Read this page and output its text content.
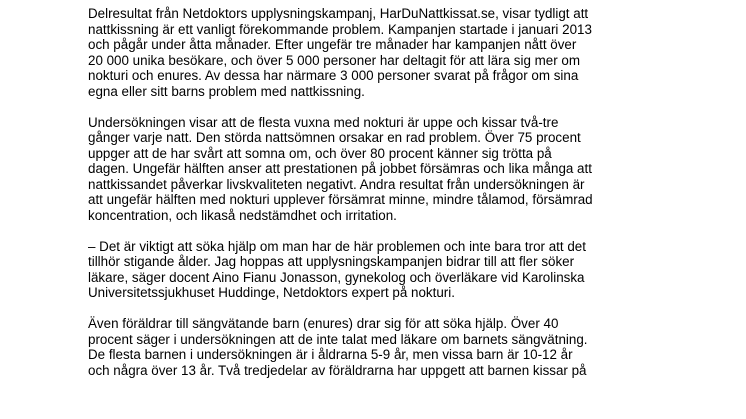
Delresultat från Netdoktors upplysningskampanj, HarDuNattkissat.se, visar tydligt att
nattkissning är ett vanligt förekommande problem. Kampanjen startade i januari 2013
och pågår under åtta månader. Efter ungefär tre månader har kampanjen nått över
20 000 unika besökare, och över 5 000 personer har deltagit för att lära sig mer om
nokturi och enures. Av dessa har närmare 3 000 personer svarat på frågor om sina
egna eller sitt barns problem med nattkissning.
Undersökningen visar att de flesta vuxna med nokturi är uppe och kissar två-tre
gånger varje natt. Den störda nattsömnen orsakar en rad problem. Över 75 procent
uppger att de har svårt att somna om, och över 80 procent känner sig trötta på
dagen. Ungefär hälften anser att prestationen på jobbet försämras och lika många att
nattkissandet påverkar livskvaliteten negativt. Andra resultat från undersökningen är
att ungefär hälften med nokturi upplever försämrat minne, mindre tålamod, försämrad
koncentration, och likaså nedstämdhet och irritation.
– Det är viktigt att söka hjälp om man har de här problemen och inte bara tror att det
tillhör stigande ålder. Jag hoppas att upplysningskampanjen bidrar till att fler söker
läkare, säger docent Aino Fianu Jonasson, gynekolog och överläkare vid Karolinska
Universitetssjukhuset Huddinge, Netdoktors expert på nokturi.
Även föräldrar till sängvätande barn (enures) drar sig för att söka hjälp. Över 40
procent säger i undersökningen att de inte talat med läkare om barnets sängvätning.
De flesta barnen i undersökningen är i åldrarna 5-9 år, men vissa barn är 10-12 år
och några över 13 år. Två tredjedelar av föräldrarna har uppgett att barnen kissar på
